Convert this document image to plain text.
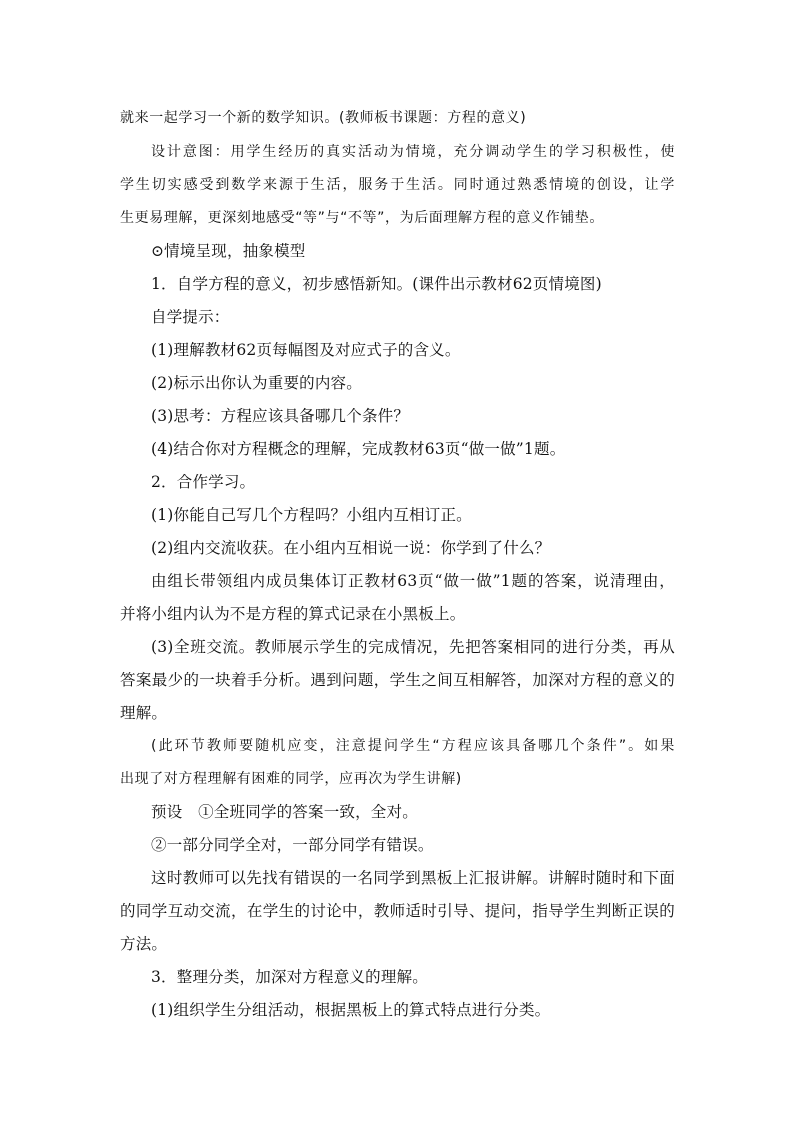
就来一起学习一个新的数学知识。(教师板书课题：方程的意义)
设计意图：用学生经历的真实活动为情境，充分调动学生的学习积极性，使
学生切实感受到数学来源于生活，服务于生活。同时通过熟悉情境的创设，让学
生更易理解，更深刻地感受“等”与“不等”，为后面理解方程的意义作铺垫。
⊙情境呈现，抽象模型
1．自学方程的意义，初步感悟新知。(课件出示教材62页情境图)
自学提示：
(1)理解教材62页每幅图及对应式子的含义。
(2)标示出你认为重要的内容。
(3)思考：方程应该具备哪几个条件？
(4)结合你对方程概念的理解，完成教材63页“做一做”1题。
2．合作学习。
(1)你能自己写几个方程吗？小组内互相订正。
(2)组内交流收获。在小组内互相说一说：你学到了什么？
由组长带领组内成员集体订正教材63页“做一做”1题的答案，说清理由，
并将小组内认为不是方程的算式记录在小黑板上。
(3)全班交流。教师展示学生的完成情况，先把答案相同的进行分类，再从
答案最少的一块着手分析。遇到问题，学生之间互相解答，加深对方程的意义的
理解。
(此环节教师要随机应变，注意提问学生“方程应该具备哪几个条件”。如果
出现了对方程理解有困难的同学，应再次为学生讲解)
预设　①全班同学的答案一致，全对。
②一部分同学全对，一部分同学有错误。
这时教师可以先找有错误的一名同学到黑板上汇报讲解。讲解时随时和下面
的同学互动交流，在学生的讨论中，教师适时引导、提问，指导学生判断正误的
方法。
3．整理分类，加深对方程意义的理解。
(1)组织学生分组活动，根据黑板上的算式特点进行分类。
